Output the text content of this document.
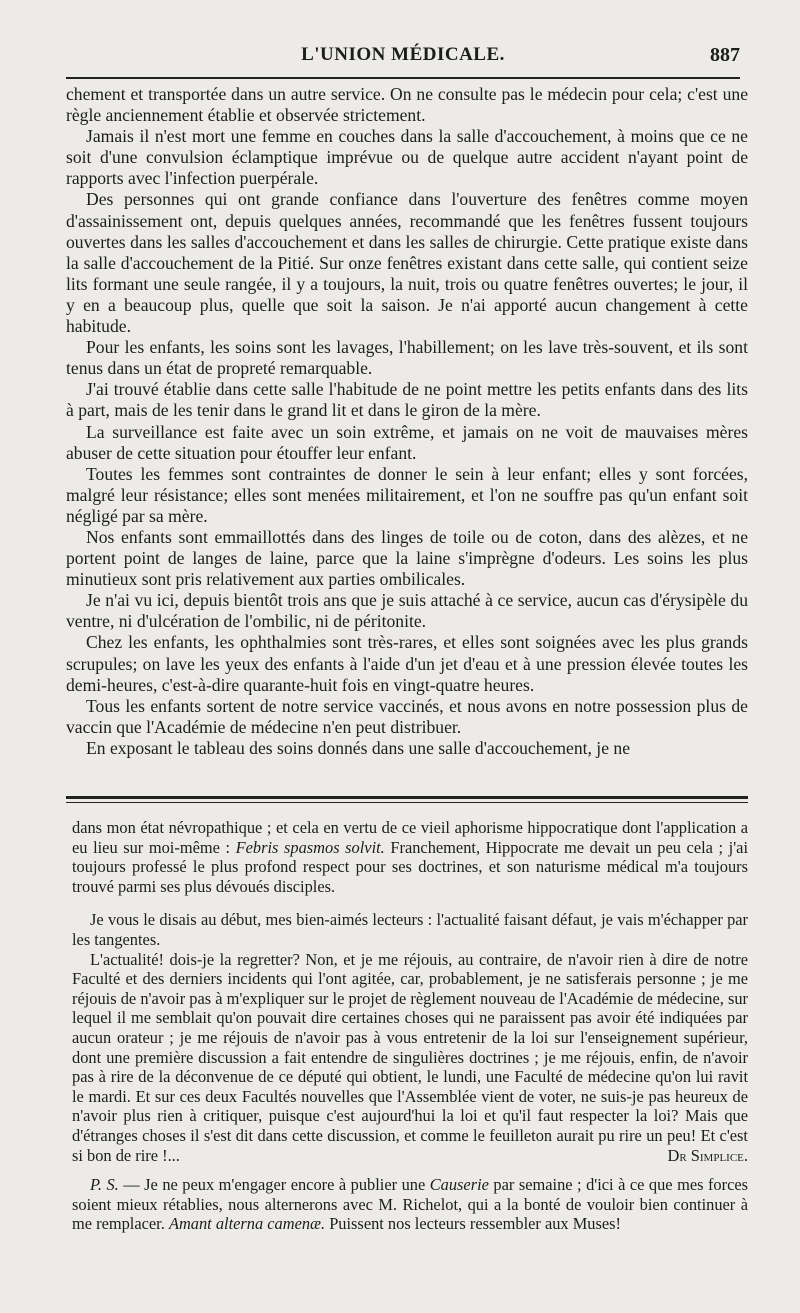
L'UNION MÉDICALE.	887

chement et transportée dans un autre service. On ne consulte pas le médecin pour cela; c'est une règle anciennement établie et observée strictement.

Jamais il n'est mort une femme en couches dans la salle d'accouchement, à moins que ce ne soit d'une convulsion éclamptique imprévue ou de quelque autre accident n'ayant point de rapports avec l'infection puerpérale.

Des personnes qui ont grande confiance dans l'ouverture des fenêtres comme moyen d'assainissement ont, depuis quelques années, recommandé que les fenêtres fussent toujours ouvertes dans les salles d'accouchement et dans les salles de chirurgie. Cette pratique existe dans la salle d'accouchement de la Pitié. Sur onze fenêtres existant dans cette salle, qui contient seize lits formant une seule rangée, il y a toujours, la nuit, trois ou quatre fenêtres ouvertes; le jour, il y en a beaucoup plus, quelle que soit la saison. Je n'ai apporté aucun changement à cette habitude.

Pour les enfants, les soins sont les lavages, l'habillement; on les lave très-souvent, et ils sont tenus dans un état de propreté remarquable.

J'ai trouvé établie dans cette salle l'habitude de ne point mettre les petits enfants dans des lits à part, mais de les tenir dans le grand lit et dans le giron de la mère.

La surveillance est faite avec un soin extrême, et jamais on ne voit de mauvaises mères abuser de cette situation pour étouffer leur enfant.

Toutes les femmes sont contraintes de donner le sein à leur enfant; elles y sont forcées, malgré leur résistance; elles sont menées militairement, et l'on ne souffre pas qu'un enfant soit négligé par sa mère.

Nos enfants sont emmaillottés dans des linges de toile ou de coton, dans des alèzes, et ne portent point de langes de laine, parce que la laine s'imprègne d'odeurs. Les soins les plus minutieux sont pris relativement aux parties ombilicales.

Je n'ai vu ici, depuis bientôt trois ans que je suis attaché à ce service, aucun cas d'érysipèle du ventre, ni d'ulcération de l'ombilic, ni de péritonite.

Chez les enfants, les ophthalmies sont très-rares, et elles sont soignées avec les plus grands scrupules; on lave les yeux des enfants à l'aide d'un jet d'eau et à une pression élevée toutes les demi-heures, c'est-à-dire quarante-huit fois en vingt-quatre heures.

Tous les enfants sortent de notre service vaccinés, et nous avons en notre possession plus de vaccin que l'Académie de médecine n'en peut distribuer.

En exposant le tableau des soins donnés dans une salle d'accouchement, je ne

dans mon état névropathique ; et cela en vertu de ce vieil aphorisme hippocratique dont l'application a eu lieu sur moi-même : Febris spasmos solvit. Franchement, Hippocrate me devait un peu cela ; j'ai toujours professé le plus profond respect pour ses doctrines, et son naturisme médical m'a toujours trouvé parmi ses plus dévoués disciples.

Je vous le disais au début, mes bien-aimés lecteurs : l'actualité faisant défaut, je vais m'échapper par les tangentes.

L'actualité! dois-je la regretter? Non, et je me réjouis, au contraire, de n'avoir rien à dire de notre Faculté et des derniers incidents qui l'ont agitée, car, probablement, je ne satisferais personne ; je me réjouis de n'avoir pas à m'expliquer sur le projet de règlement nouveau de l'Académie de médecine, sur lequel il me semblait qu'on pouvait dire certaines choses qui ne paraissent pas avoir été indiquées par aucun orateur ; je me réjouis de n'avoir pas à vous entretenir de la loi sur l'enseignement supérieur, dont une première discussion a fait entendre de singulières doctrines ; je me réjouis, enfin, de n'avoir pas à rire de la déconvenue de ce député qui obtient, le lundi, une Faculté de médecine qu'on lui ravit le mardi. Et sur ces deux Facultés nouvelles que l'Assemblée vient de voter, ne suis-je pas heureux de n'avoir plus rien à critiquer, puisque c'est aujourd'hui la loi et qu'il faut respecter la loi? Mais que d'étranges choses il s'est dit dans cette discussion, et comme le feuilleton aurait pu rire un peu! Et c'est si bon de rire !...	Dr Simplice.

P. S. — Je ne peux m'engager encore à publier une Causerie par semaine ; d'ici à ce que mes forces soient mieux rétablies, nous alternerons avec M. Richelot, qui a la bonté de vouloir bien continuer à me remplacer. Amant alterna camenæ. Puissent nos lecteurs ressembler aux Muses!
